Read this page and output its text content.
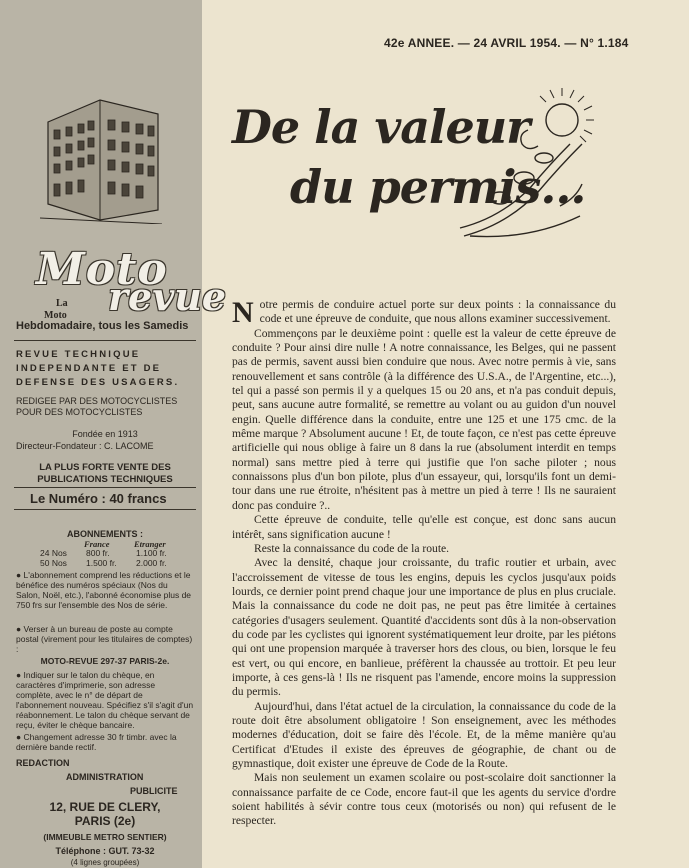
Moto
revue
La
Moto
Hebdomadaire, tous les Samedis
REVUE TECHNIQUE INDEPENDANTE ET DE DEFENSE DES USAGERS.
REDIGEE PAR DES MOTOCYCLISTES POUR DES MOTOCYCLISTES
Fondée en 1913
Directeur-Fondateur : C. LACOME
LA PLUS FORTE VENTE DES PUBLICATIONS TECHNIQUES
Le Numéro : 40 francs
ABONNEMENTS :
France	Etranger
24 Nos 800 fr.	1.100 fr.
50 Nos 1.500 fr. 2.000 fr.
● L'abonnement comprend les réductions et le bénéfice des numéros spéciaux (Nos du Salon, Noël, etc.), l'abonné économise plus de 750 frs sur l'ensemble des Nos de série.
● Verser à un bureau de poste au compte postal (virement pour les titulaires de comptes) :
MOTO-REVUE 297-37 PARIS-2e.
● Indiquer sur le talon du chèque, en caractères d'imprimerie, son adresse complète, avec le n° de départ de l'abonnement nouveau. Spécifiez s'il s'agit d'un réabonnement. Le talon du chèque servant de reçu, éviter le chèque bancaire.
● Changement adresse 30 fr timbr. avec la dernière bande rectif.
REDACTION
ADMINISTRATION
PUBLICITE
12, RUE DE CLERY,
PARIS (2e)
(IMMEUBLE METRO SENTIER)
Téléphone : GUT. 73-32
(4 lignes groupées)
42e ANNEE. — 24 AVRIL 1954. — N° 1.184
De la valeur
du permis...

Notre permis de conduire actuel porte sur deux points : la connaissance du code et une épreuve de conduite, que nous allons examiner successivement.

Commençons par le deuxième point : quelle est la valeur de cette épreuve de conduite ? Pour ainsi dire nulle ! A notre connaissance, les Belges, qui ne passent pas de permis, savent aussi bien conduire que nous. Avec notre permis à vie, sans renouvellement et sans contrôle (à la différence des U.S.A., de l'Argentine, etc...), tel qui a passé son permis il y a quelques 15 ou 20 ans, et n'a pas conduit depuis, peut, sans aucune autre formalité, se remettre au volant ou au guidon d'un nouvel engin. Quelle différence dans la conduite, entre une 125 et une 175 cmc. de la même marque ? Absolument aucune ! Et, de toute façon, ce n'est pas cette épreuve artificielle qui nous oblige à faire un 8 dans la rue (absolument interdit en temps normal) sans mettre pied à terre qui justifie que l'on sache piloter ; nous connaissons plus d'un bon pilote, plus d'un essayeur, qui, lorsqu'ils font un demi-tour dans une rue étroite, n'hésitent pas à mettre un pied à terre ! Ils ne sauraient donc pas conduire ?..

Cette épreuve de conduite, telle qu'elle est conçue, est donc sans aucun intérêt, sans signification aucune !

Reste la connaissance du code de la route.

Avec la densité, chaque jour croissante, du trafic routier et urbain, avec l'accroissement de vitesse de tous les engins, depuis les cyclos jusqu'aux poids lourds, ce dernier point prend chaque jour une importance de plus en plus cruciale. Mais la connaissance du code ne doit pas, ne peut pas être limitée à certaines catégories d'usagers seulement. Quantité d'accidents sont dûs à la non-observation du code par les cyclistes qui ignorent systématiquement leur droite, par les piétons qui ont une propension marquée à traverser hors des clous, ou bien, lorsque le feu est vert, ou qui encore, en banlieue, préfèrent la chaussée au trottoir. Et peu leur importe, à ces gens-là ! Ils ne risquent pas l'amende, encore moins la suppression du permis.

Aujourd'hui, dans l'état actuel de la circulation, la connaissance du code de la route doit être absolument obligatoire ! Son enseignement, avec les méthodes modernes d'éducation, doit se faire dès l'école. Et, de la même manière qu'au Certificat d'Etudes il existe des épreuves de géographie, de chant ou de gymnastique, doit exister une épreuve de Code de la Route.

Mais non seulement un examen scolaire ou post-scolaire doit sanctionner la connaissance parfaite de ce Code, encore faut-il que les agents du service d'ordre soient habilités à sévir contre tous ceux (motorisés ou non) qui refusent de le respecter.
